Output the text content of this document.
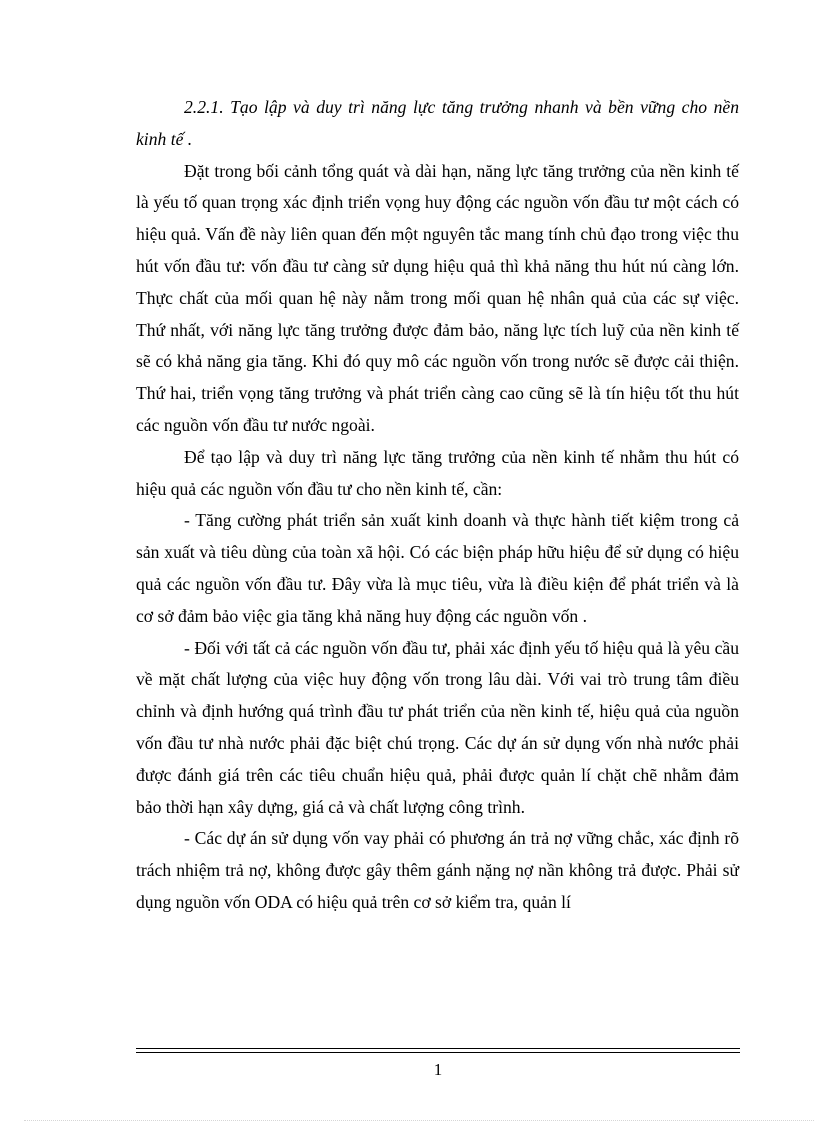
2.2.1. Tạo lập và duy trì năng lực tăng trưởng nhanh và bền vững cho nền kinh tế .

Đặt trong bối cảnh tổng quát và dài hạn, năng lực tăng trưởng của nền kinh tế là yếu tố quan trọng xác định triển vọng huy động các nguồn vốn đầu tư một cách có hiệu quả. Vấn đề này liên quan đến một nguyên tắc mang tính chủ đạo trong việc thu hút vốn đầu tư: vốn đầu tư càng sử dụng hiệu quả thì khả năng thu hút nú càng lớn. Thực chất của mối quan hệ này nằm trong mối quan hệ nhân quả của các sự việc. Thứ nhất, với năng lực tăng trưởng được đảm bảo, năng lực tích luỹ của nền kinh tế sẽ có khả năng gia tăng. Khi đó quy mô các nguồn vốn trong nước sẽ được cải thiện. Thứ hai, triển vọng tăng trưởng và phát triển càng cao cũng sẽ là tín hiệu tốt thu hút các nguồn vốn đầu tư nước ngoài.

Để tạo lập và duy trì năng lực tăng trưởng của nền kinh tế nhằm thu hút có hiệu quả các nguồn vốn đầu tư cho nền kinh tế, cần:

- Tăng cường phát triển sản xuất kinh doanh và thực hành tiết kiệm trong cả sản xuất và tiêu dùng của toàn xã hội. Có các biện pháp hữu hiệu để sử dụng có hiệu quả các nguồn vốn đầu tư. Đây vừa là mục tiêu, vừa là điều kiện để phát triển và là cơ sở đảm bảo việc gia tăng khả năng huy động các nguồn vốn .

- Đối với tất cả các nguồn vốn đầu tư, phải xác định yếu tố hiệu quả là yêu cầu về mặt chất lượng của việc huy động vốn trong lâu dài. Với vai trò trung tâm điều chỉnh và định hướng quá trình đầu tư phát triển của nền kinh tế, hiệu quả của nguồn vốn đầu tư nhà nước phải đặc biệt chú trọng. Các dự án sử dụng vốn nhà nước phải được đánh giá trên các tiêu chuẩn hiệu quả, phải được quản lí chặt chẽ nhằm đảm bảo thời hạn xây dựng, giá cả và chất lượng công trình.

- Các dự án sử dụng vốn vay phải có phương án trả nợ vững chắc, xác định rõ trách nhiệm trả nợ, không được gây thêm gánh nặng nợ nần không trả được. Phải sử dụng nguồn vốn ODA có hiệu quả trên cơ sở kiểm tra, quản lí

1
